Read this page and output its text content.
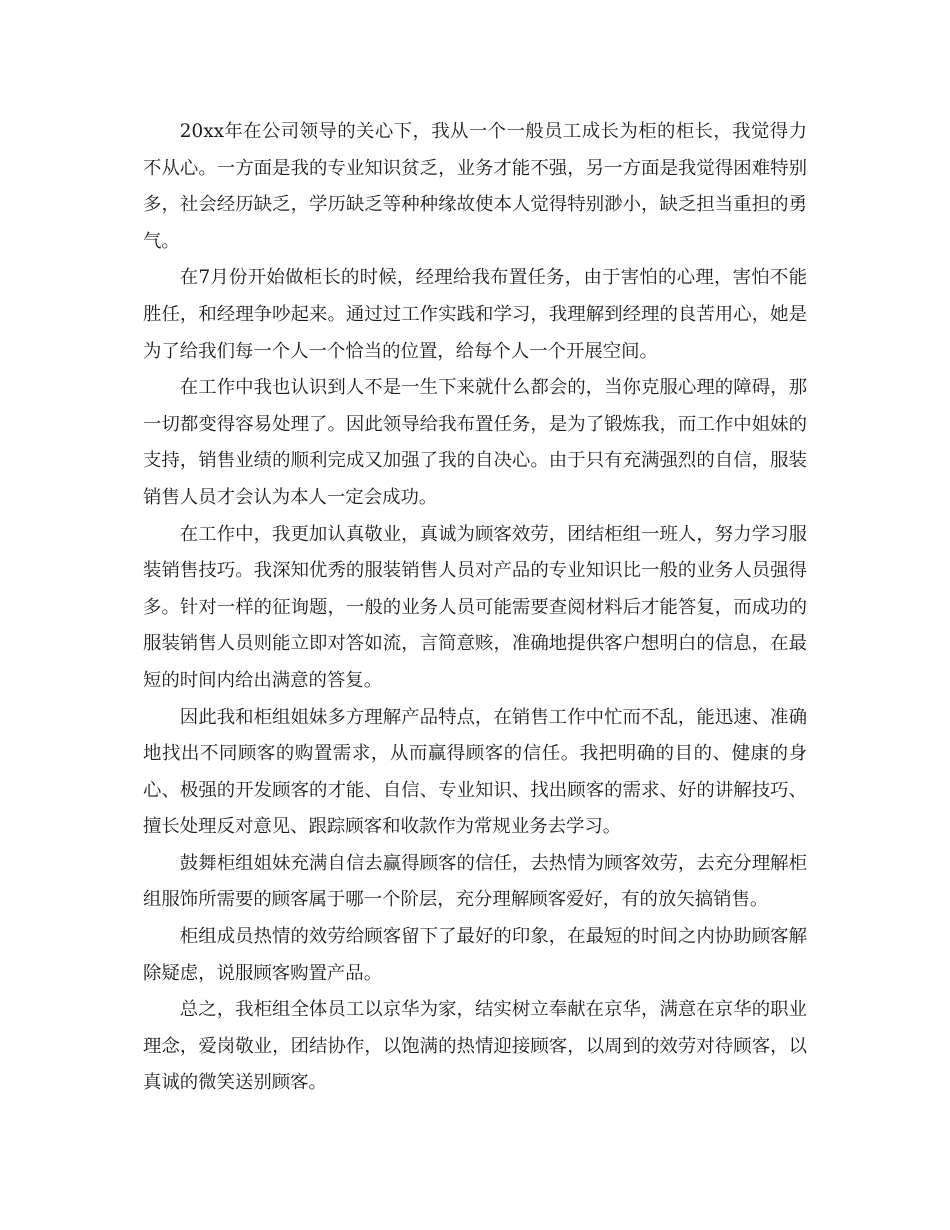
20xx年在公司领导的关心下，我从一个一般员工成长为柜的柜长，我觉得力不从心。一方面是我的专业知识贫乏，业务才能不强，另一方面是我觉得困难特别多，社会经历缺乏，学历缺乏等种种缘故使本人觉得特别渺小，缺乏担当重担的勇气。

在7月份开始做柜长的时候，经理给我布置任务，由于害怕的心理，害怕不能胜任，和经理争吵起来。通过过工作实践和学习，我理解到经理的良苦用心，她是为了给我们每一个人一个恰当的位置，给每个人一个开展空间。

在工作中我也认识到人不是一生下来就什么都会的，当你克服心理的障碍，那一切都变得容易处理了。因此领导给我布置任务，是为了锻炼我，而工作中姐妹的支持，销售业绩的顺利完成又加强了我的自决心。由于只有充满强烈的自信，服装销售人员才会认为本人一定会成功。

在工作中，我更加认真敬业，真诚为顾客效劳，团结柜组一班人，努力学习服装销售技巧。我深知优秀的服装销售人员对产品的专业知识比一般的业务人员强得多。针对一样的征询题，一般的业务人员可能需要查阅材料后才能答复，而成功的服装销售人员则能立即对答如流，言简意赅，准确地提供客户想明白的信息，在最短的时间内给出满意的答复。

因此我和柜组姐妹多方理解产品特点，在销售工作中忙而不乱，能迅速、准确地找出不同顾客的购置需求，从而赢得顾客的信任。我把明确的目的、健康的身心、极强的开发顾客的才能、自信、专业知识、找出顾客的需求、好的讲解技巧、擅长处理反对意见、跟踪顾客和收款作为常规业务去学习。

鼓舞柜组姐妹充满自信去赢得顾客的信任，去热情为顾客效劳，去充分理解柜组服饰所需要的顾客属于哪一个阶层，充分理解顾客爱好，有的放矢搞销售。

柜组成员热情的效劳给顾客留下了最好的印象，在最短的时间之内协助顾客解除疑虑，说服顾客购置产品。

总之，我柜组全体员工以京华为家，结实树立奉献在京华，满意在京华的职业理念，爱岗敬业，团结协作，以饱满的热情迎接顾客，以周到的效劳对待顾客，以真诚的微笑送别顾客。
